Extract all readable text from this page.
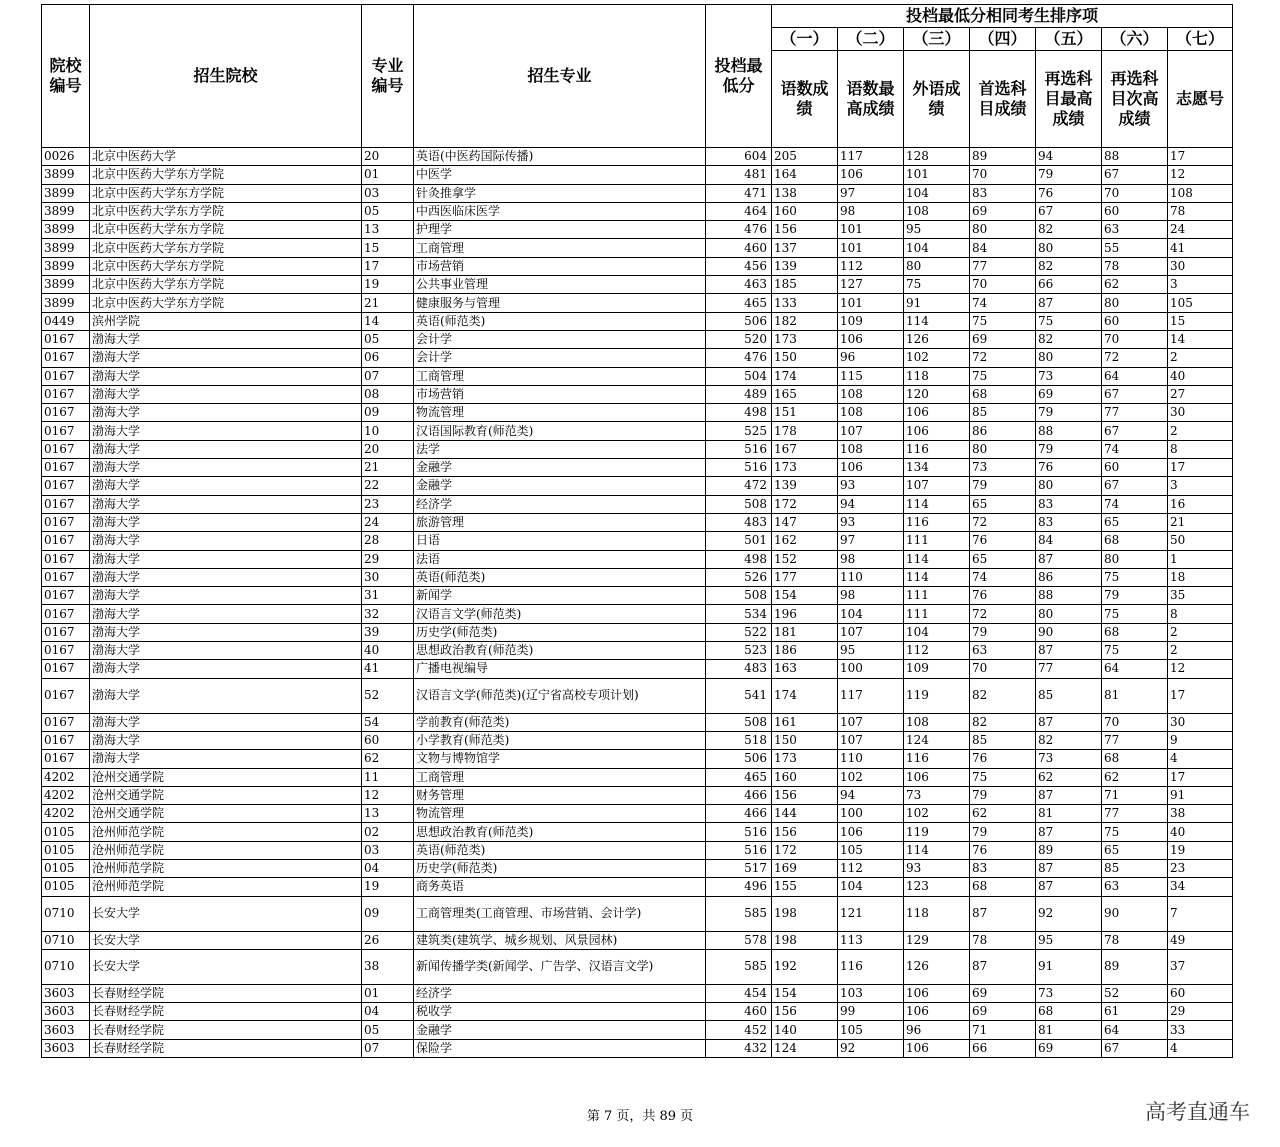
院校编号	招生院校	专业编号	招生专业	投档最低分	投档最低分相同考生排序项						
					（一）	（二）	（三）	（四）	（五）	（六）	（七）
					语数成绩	语数最高成绩	外语成绩	首选科目成绩	再选科目最高成绩	再选科目次高成绩	志愿号
0026	北京中医药大学	20	英语(中医药国际传播)	604	205	117	128	89	94	88	17
3899	北京中医药大学东方学院	01	中医学	481	164	106	101	70	79	67	12
3899	北京中医药大学东方学院	03	针灸推拿学	471	138	97	104	83	76	70	108
3899	北京中医药大学东方学院	05	中西医临床医学	464	160	98	108	69	67	60	78
3899	北京中医药大学东方学院	13	护理学	476	156	101	95	80	82	63	24
3899	北京中医药大学东方学院	15	工商管理	460	137	101	104	84	80	55	41
3899	北京中医药大学东方学院	17	市场营销	456	139	112	80	77	82	78	30
3899	北京中医药大学东方学院	19	公共事业管理	463	185	127	75	70	66	62	3
3899	北京中医药大学东方学院	21	健康服务与管理	465	133	101	91	74	87	80	105
0449	滨州学院	14	英语(师范类)	506	182	109	114	75	75	60	15
0167	渤海大学	05	会计学	520	173	106	126	69	82	70	14
0167	渤海大学	06	会计学	476	150	96	102	72	80	72	2
0167	渤海大学	07	工商管理	504	174	115	118	75	73	64	40
0167	渤海大学	08	市场营销	489	165	108	120	68	69	67	27
0167	渤海大学	09	物流管理	498	151	108	106	85	79	77	30
0167	渤海大学	10	汉语国际教育(师范类)	525	178	107	106	86	88	67	2
0167	渤海大学	20	法学	516	167	108	116	80	79	74	8
0167	渤海大学	21	金融学	516	173	106	134	73	76	60	17
0167	渤海大学	22	金融学	472	139	93	107	79	80	67	3
0167	渤海大学	23	经济学	508	172	94	114	65	83	74	16
0167	渤海大学	24	旅游管理	483	147	93	116	72	83	65	21
0167	渤海大学	28	日语	501	162	97	111	76	84	68	50
0167	渤海大学	29	法语	498	152	98	114	65	87	80	1
0167	渤海大学	30	英语(师范类)	526	177	110	114	74	86	75	18
0167	渤海大学	31	新闻学	508	154	98	111	76	88	79	35
0167	渤海大学	32	汉语言文学(师范类)	534	196	104	111	72	80	75	8
0167	渤海大学	39	历史学(师范类)	522	181	107	104	79	90	68	2
0167	渤海大学	40	思想政治教育(师范类)	523	186	95	112	63	87	75	2
0167	渤海大学	41	广播电视编导	483	163	100	109	70	77	64	12
0167	渤海大学	52	汉语言文学(师范类)(辽宁省高校专项计划)	541	174	117	119	82	85	81	17
0167	渤海大学	54	学前教育(师范类)	508	161	107	108	82	87	70	30
0167	渤海大学	60	小学教育(师范类)	518	150	107	124	85	82	77	9
0167	渤海大学	62	文物与博物馆学	506	173	110	116	76	73	68	4
4202	沧州交通学院	11	工商管理	465	160	102	106	75	62	62	17
4202	沧州交通学院	12	财务管理	466	156	94	73	79	87	71	91
4202	沧州交通学院	13	物流管理	466	144	100	102	62	81	77	38
0105	沧州师范学院	02	思想政治教育(师范类)	516	156	106	119	79	87	75	40
0105	沧州师范学院	03	英语(师范类)	516	172	105	114	76	89	65	19
0105	沧州师范学院	04	历史学(师范类)	517	169	112	93	83	87	85	23
0105	沧州师范学院	19	商务英语	496	155	104	123	68	87	63	34
0710	长安大学	09	工商管理类(工商管理、市场营销、会计学)	585	198	121	118	87	92	90	7
0710	长安大学	26	建筑类(建筑学、城乡规划、风景园林)	578	198	113	129	78	95	78	49
0710	长安大学	38	新闻传播学类(新闻学、广告学、汉语言文学)	585	192	116	126	87	91	89	37
3603	长春财经学院	01	经济学	454	154	103	106	69	73	52	60
3603	长春财经学院	04	税收学	460	156	99	106	69	68	61	29
3603	长春财经学院	05	金融学	452	140	105	96	71	81	64	33
3603	长春财经学院	07	保险学	432	124	92	106	66	69	67	4
第 7 页，共 89 页	高考直通车
